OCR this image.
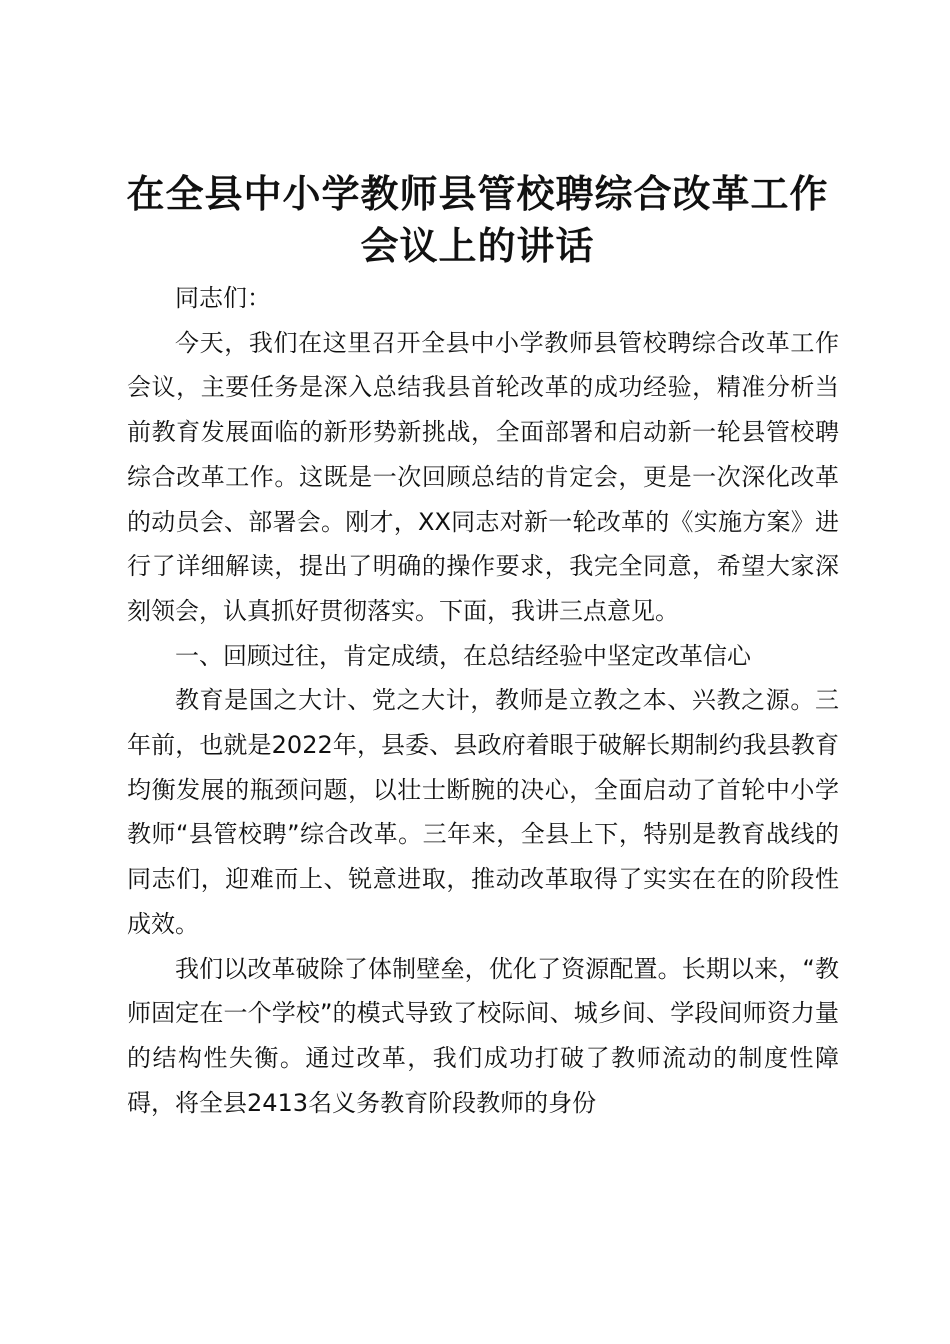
在全县中小学教师县管校聘综合改革工作会议上的讲话

同志们：

今天，我们在这里召开全县中小学教师县管校聘综合改革工作会议，主要任务是深入总结我县首轮改革的成功经验，精准分析当前教育发展面临的新形势新挑战，全面部署和启动新一轮县管校聘综合改革工作。这既是一次回顾总结的肯定会，更是一次深化改革的动员会、部署会。刚才，XX同志对新一轮改革的《实施方案》进行了详细解读，提出了明确的操作要求，我完全同意，希望大家深刻领会，认真抓好贯彻落实。下面，我讲三点意见。

一、回顾过往，肯定成绩，在总结经验中坚定改革信心

教育是国之大计、党之大计，教师是立教之本、兴教之源。三年前，也就是2022年，县委、县政府着眼于破解长期制约我县教育均衡发展的瓶颈问题，以壮士断腕的决心，全面启动了首轮中小学教师“县管校聘”综合改革。三年来，全县上下，特别是教育战线的同志们，迎难而上、锐意进取，推动改革取得了实实在在的阶段性成效。

我们以改革破除了体制壁垒，优化了资源配置。长期以来，“教师固定在一个学校”的模式导致了校际间、城乡间、学段间师资力量的结构性失衡。通过改革，我们成功打破了教师流动的制度性障碍，将全县2413名义务教育阶段教师的身份
